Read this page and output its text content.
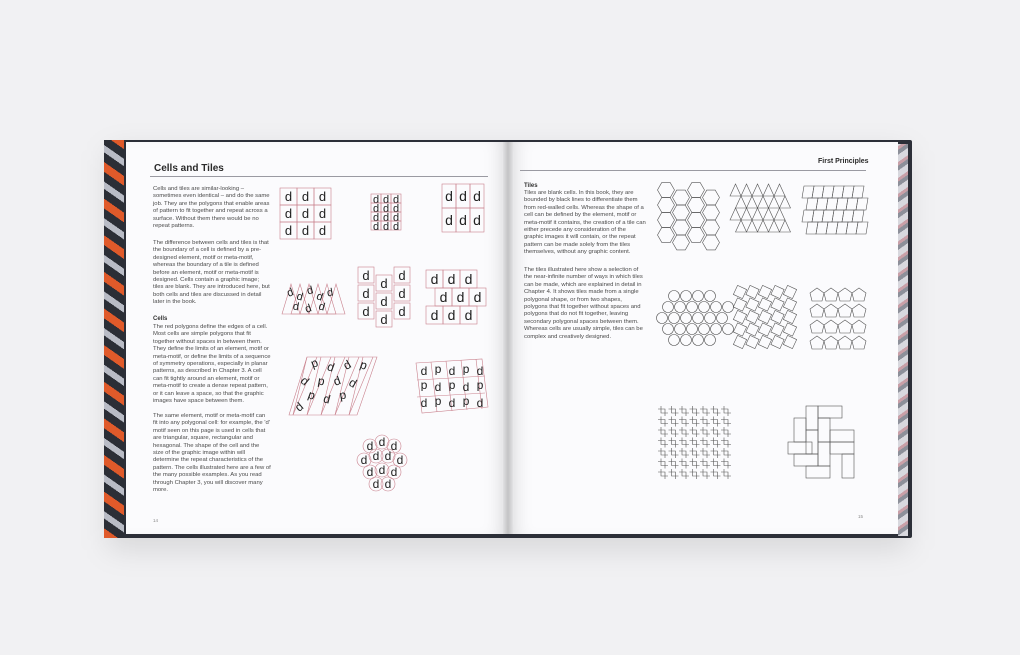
Cells and Tiles

Cells and tiles are similar-looking – sometimes even identical – and do the same job. They are the polygons that enable areas of pattern to fit together and repeat across a surface. Without them there would be no repeat patterns.

The difference between cells and tiles is that the boundary of a cell is defined by a pre-designed element, motif or meta-motif, whereas the boundary of a tile is defined before an element, motif or meta-motif is designed. Cells contain a graphic image; tiles are blank. They are introduced here, but both cells and tiles are discussed in detail later in the book.

Cells

The red polygons define the edges of a cell. Most cells are simple polygons that fit together without spaces in between them. They define the limits of an element, motif or meta-motif, or define the limits of a sequence of symmetry operations, especially in planar patterns, as described in Chapter 3. A cell can fit tightly around an element, motif or meta-motif to create a dense repeat pattern, or it can leave a space, so that the graphic images have space between them.

The same element, motif or meta-motif can fit into any polygonal cell: for example, the 'd' motif seen on this page is used in cells that are triangular, square, rectangular and hexagonal. The shape of the cell and the size of the graphic image within will determine the repeat characteristics of the pattern. The cells illustrated here are a few of the many possible examples. As you read through Chapter 3, you will discover many more.

14
d d d
d d d
d d d
d d d
d d d
d d d
d d d
d d d
d d d
d d d d d
d d d
d
d
d
d
d
d
d
d
d
d d d
d d d
d d d
d d d d
d d d d
d d d
d
d d d d d
d d d d d
d d d d d
d d d
d d d d
d d d
d d
First Principles
Tiles

Tiles are blank cells. In this book, they are bounded by black lines to differentiate them from red-walled cells. Whereas the shape of a cell can be defined by the element, motif or meta-motif it contains, the creation of a tile can either precede any consideration of the graphic images it will contain, or the repeat pattern can be made solely from the tiles themselves, without any graphic content.

The tiles illustrated here show a selection of the near-infinite number of ways in which tiles can be made, which are explained in detail in Chapter 4. It shows tiles made from a single polygonal shape, or from two shapes, polygons that fit together without spaces and polygons that do not fit together, leaving secondary polygonal spaces between them. Whereas cells are usually simple, tiles can be complex and creatively designed.

15
